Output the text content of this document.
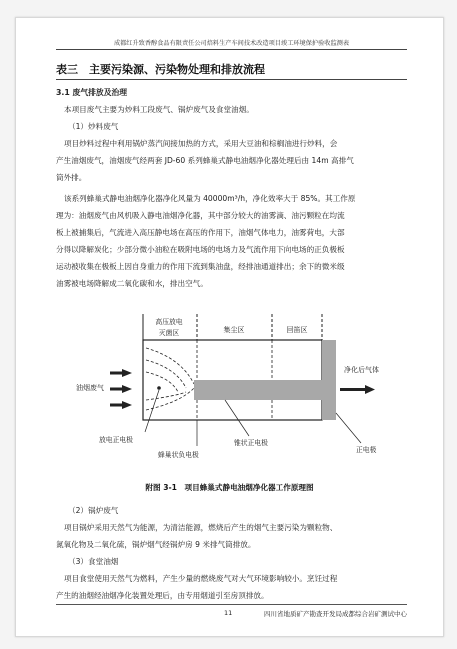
成都红升致香醇食品有限责任公司焙料生产车间技术改造项目竣工环境保护验收监测表
表三　主要污染源、污染物处理和排放流程
3.1 废气排放及治理
本项目废气主要为炒料工段废气、锅炉废气及食堂油烟。
（1）炒料废气
项目炒料过程中利用锅炉蒸汽间接加热的方式，采用大豆油和棕榈油进行炒料，会
产生油烟废气，油烟废气经两套 JD-60 系列蜂巢式静电油烟净化器处理后由 14m 高排气
筒外排。
该系列蜂巢式静电油烟净化器净化风量为 40000m³/h，净化效率大于 85%。其工作原
理为：油烟废气由风机吸入静电油烟净化器，其中部分较大的油雾滴、油污颗粒在均流
板上被捕集后，气流进入高压静电场在高压的作用下，油烟气体电力，油雾荷电，大部
分得以降解炭化；少部分微小油粒在吸附电场的电场力及气流作用下向电场的正负极板
运动被收集在极板上因自身重力的作用下流到集油盘，经排油通道排出；余下的微米级
油雾被电场降解成二氧化碳和水，排出空气。
高压放电
灭菌区	集尘区	回笛区
油烟废气
净化后气体
放电正电极
蜂巢状负电极
锥状正电极
正电极
附图 3-1　项目蜂巢式静电油烟净化器工作原理图
（2）锅炉废气
项目锅炉采用天然气为能源，为清洁能源，燃烧后产生的烟气主要污染为颗粒物、
氮氧化物及二氧化硫，锅炉烟气经锅炉房 9 米排气筒排放。
（3）食堂油烟
项目食堂使用天然气为燃料，产生少量的燃烧废气对大气环境影响较小。烹饪过程
产生的油烟经油烟净化装置处理后，由专用烟道引至房顶排放。
11	四川省地质矿产勘查开发局成都综合岩矿测试中心
